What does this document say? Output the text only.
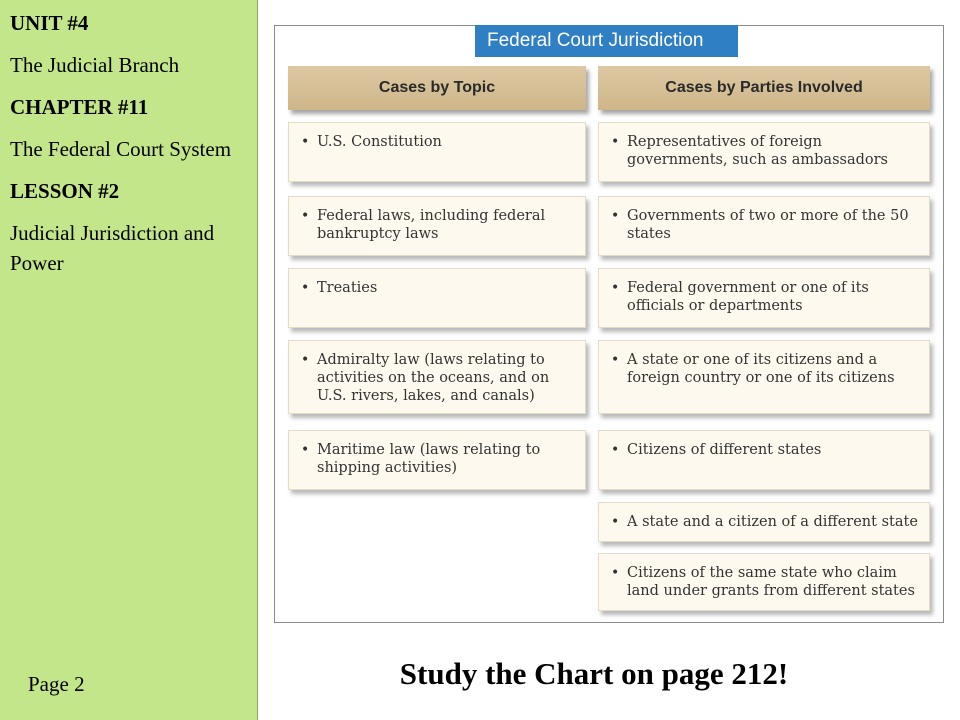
UNIT #4
The Judicial Branch
CHAPTER #11
The Federal Court System
LESSON #2
Judicial Jurisdiction and Power
Page 2
Federal Court Jurisdiction
Cases by Topic	Cases by Parties Involved
• U.S. Constitution
• Federal laws, including federal bankruptcy laws
• Treaties
• Admiralty law (laws relating to activities on the oceans, and on U.S. rivers, lakes, and canals)
• Maritime law (laws relating to shipping activities)
• Representatives of foreign governments, such as ambassadors
• Governments of two or more of the 50 states
• Federal government or one of its officials or departments
• A state or one of its citizens and a foreign country or one of its citizens
• Citizens of different states
• A state and a citizen of a different state
• Citizens of the same state who claim land under grants from different states
Study the Chart on page 212!
